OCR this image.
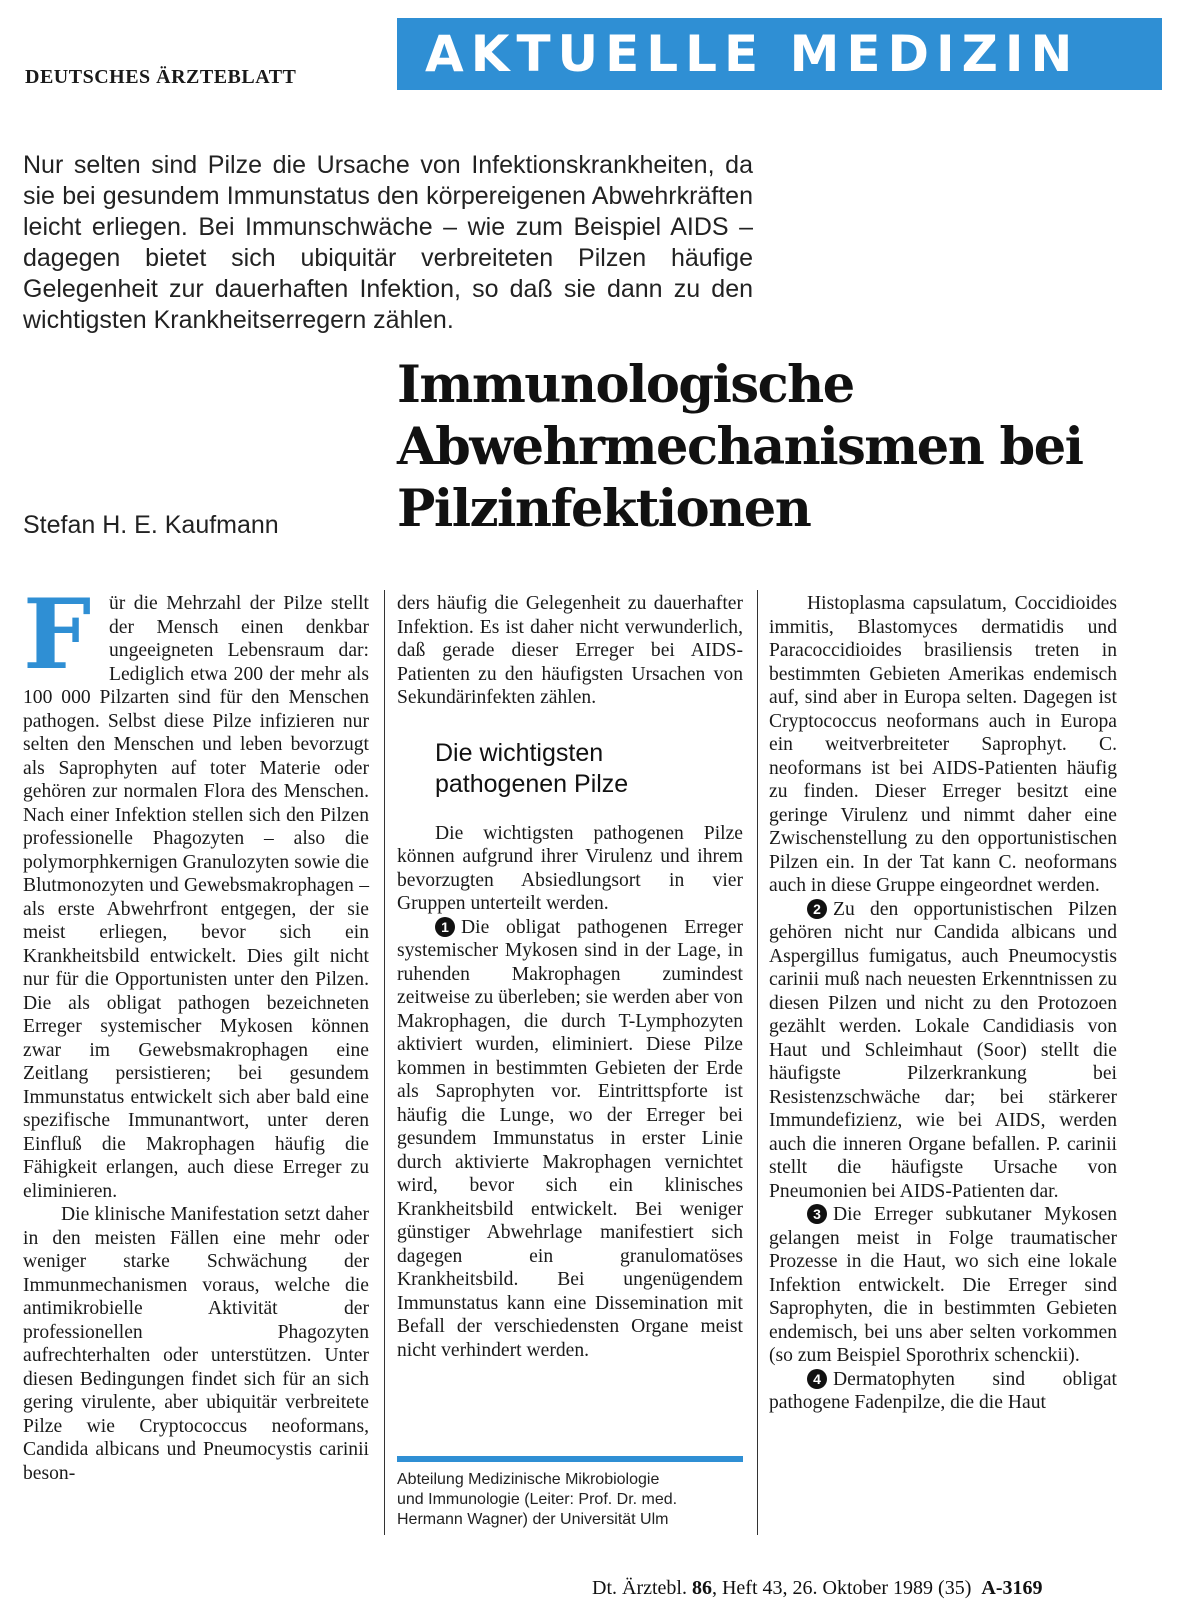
DEUTSCHES ÄRZTEBLATT	AKTUELLE MEDIZIN
Nur selten sind Pilze die Ursache von Infektionskrankheiten, da sie bei gesundem Immunstatus den körpereigenen Abwehrkräften leicht erliegen. Bei Immunschwäche – wie zum Beispiel AIDS – dagegen bietet sich ubiquitär verbreiteten Pilzen häufige Gelegenheit zur dauerhaften Infektion, so daß sie dann zu den wichtigsten Krankheitserregern zählen.
Immunologische
Abwehrmechanismen bei
Pilzinfektionen
Stefan H. E. Kaufmann

Für die Mehrzahl der Pilze stellt der Mensch einen denkbar ungeeigneten Lebensraum dar: Lediglich etwa 200 der mehr als 100 000 Pilzarten sind für den Menschen pathogen. Selbst diese Pilze infizieren nur selten den Menschen und leben bevorzugt als Saprophyten auf toter Materie oder gehören zur normalen Flora des Menschen. Nach einer Infektion stellen sich den Pilzen professionelle Phagozyten – also die polymorphkernigen Granulozyten sowie die Blutmonozyten und Gewebsmakrophagen – als erste Abwehrfront entgegen, der sie meist erliegen, bevor sich ein Krankheitsbild entwickelt. Dies gilt nicht nur für die Opportunisten unter den Pilzen. Die als obligat pathogen bezeichneten Erreger systemischer Mykosen können zwar im Gewebsmakrophagen eine Zeitlang persistieren; bei gesundem Immunstatus entwickelt sich aber bald eine spezifische Immunantwort, unter deren Einfluß die Makrophagen häufig die Fähigkeit erlangen, auch diese Erreger zu eliminieren.

Die klinische Manifestation setzt daher in den meisten Fällen eine mehr oder weniger starke Schwächung der Immunmechanismen voraus, welche die antimikrobielle Aktivität der professionellen Phagozyten aufrechterhalten oder unterstützen. Unter diesen Bedingungen findet sich für an sich gering virulente, aber ubiquitär verbreitete Pilze wie Cryptococcus neoformans, Candida albicans und Pneumocystis carinii beson-

ders häufig die Gelegenheit zu dauerhafter Infektion. Es ist daher nicht verwunderlich, daß gerade dieser Erreger bei AIDS-Patienten zu den häufigsten Ursachen von Sekundärinfekten zählen.

Die wichtigsten
pathogenen Pilze

Die wichtigsten pathogenen Pilze können aufgrund ihrer Virulenz und ihrem bevorzugten Absiedlungsort in vier Gruppen unterteilt werden.

1 Die obligat pathogenen Erreger systemischer Mykosen sind in der Lage, in ruhenden Makrophagen zumindest zeitweise zu überleben; sie werden aber von Makrophagen, die durch T-Lymphozyten aktiviert wurden, eliminiert. Diese Pilze kommen in bestimmten Gebieten der Erde als Saprophyten vor. Eintrittspforte ist häufig die Lunge, wo der Erreger bei gesundem Immunstatus in erster Linie durch aktivierte Makrophagen vernichtet wird, bevor sich ein klinisches Krankheitsbild entwickelt. Bei weniger günstiger Abwehrlage manifestiert sich dagegen ein granulomatöses Krankheitsbild. Bei ungenügendem Immunstatus kann eine Dissemination mit Befall der verschiedensten Organe meist nicht verhindert werden.

Histoplasma capsulatum, Coccidioides immitis, Blastomyces dermatidis und Paracoccidioides brasiliensis treten in bestimmten Gebieten Amerikas endemisch auf, sind aber in Europa selten. Dagegen ist Cryptococcus neoformans auch in Europa ein weitverbreiteter Saprophyt. C. neoformans ist bei AIDS-Patienten häufig zu finden. Dieser Erreger besitzt eine geringe Virulenz und nimmt daher eine Zwischenstellung zu den opportunistischen Pilzen ein. In der Tat kann C. neoformans auch in diese Gruppe eingeordnet werden.

2 Zu den opportunistischen Pilzen gehören nicht nur Candida albicans und Aspergillus fumigatus, auch Pneumocystis carinii muß nach neuesten Erkenntnissen zu diesen Pilzen und nicht zu den Protozoen gezählt werden. Lokale Candidiasis von Haut und Schleimhaut (Soor) stellt die häufigste Pilzerkrankung bei Resistenzschwäche dar; bei stärkerer Immundefizienz, wie bei AIDS, werden auch die inneren Organe befallen. P. carinii stellt die häufigste Ursache von Pneumonien bei AIDS-Patienten dar.

3 Die Erreger subkutaner Mykosen gelangen meist in Folge traumatischer Prozesse in die Haut, wo sich eine lokale Infektion entwickelt. Die Erreger sind Saprophyten, die in bestimmten Gebieten endemisch, bei uns aber selten vorkommen (so zum Beispiel Sporothrix schenckii).

4 Dermatophyten sind obligat pathogene Fadenpilze, die die Haut

Abteilung Medizinische Mikrobiologie
und Immunologie (Leiter: Prof. Dr. med.
Hermann Wagner) der Universität Ulm
Dt. Ärztebl. 86, Heft 43, 26. Oktober 1989 (35) A-3169
